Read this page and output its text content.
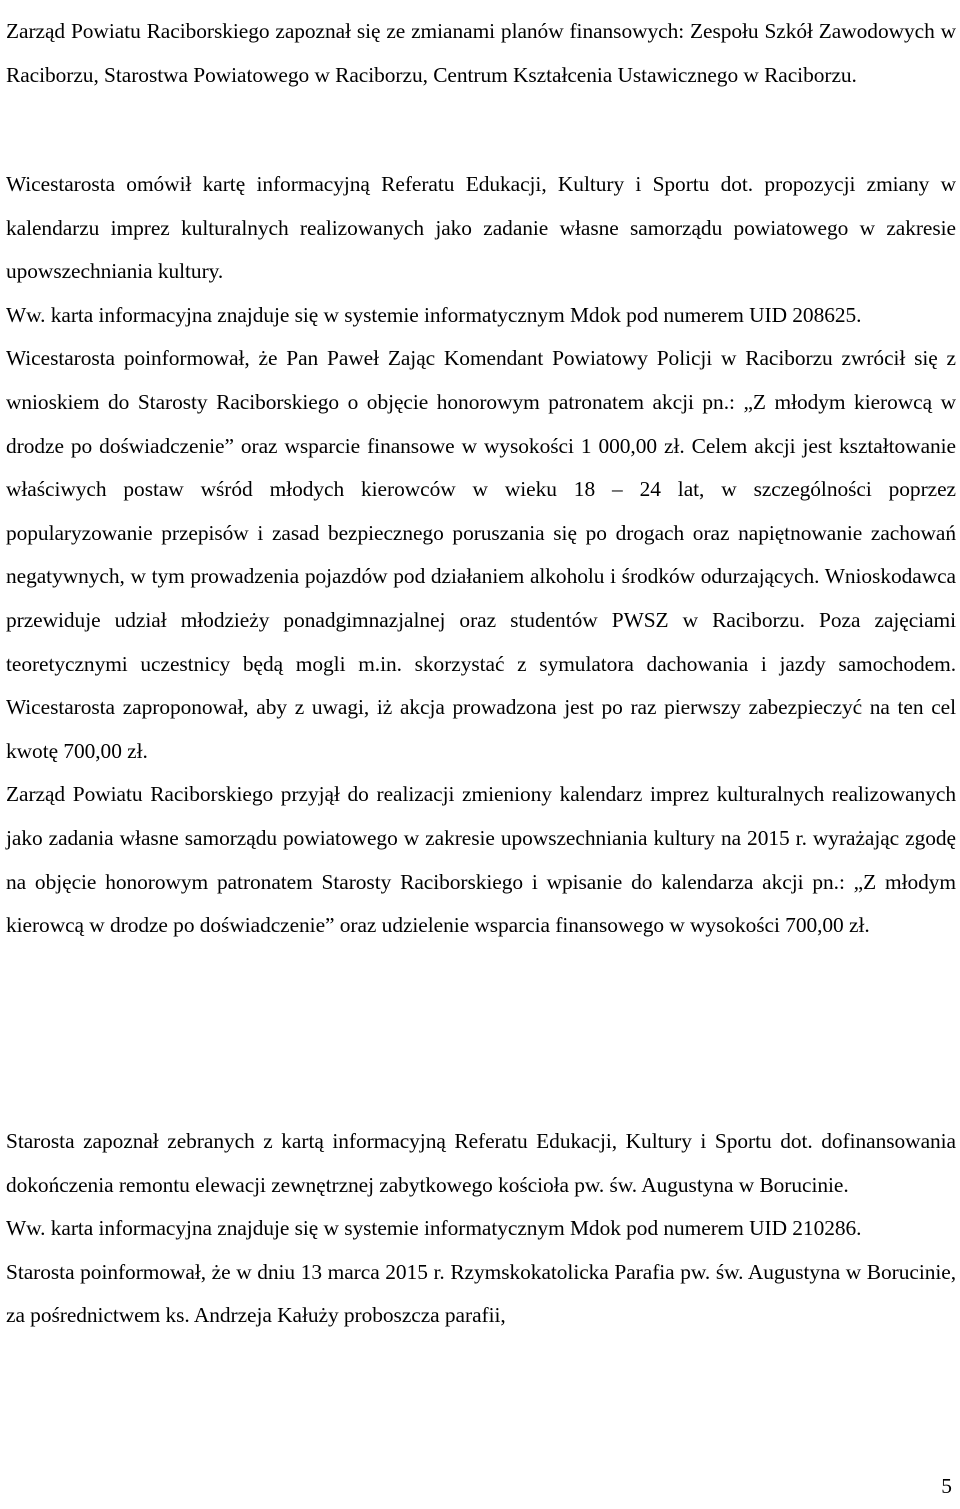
Zarząd Powiatu Raciborskiego zapoznał się ze zmianami planów finansowych: Zespołu Szkół Zawodowych w Raciborzu, Starostwa Powiatowego w Raciborzu, Centrum Kształcenia Ustawicznego w Raciborzu.

Wicestarosta omówił kartę informacyjną Referatu Edukacji, Kultury i Sportu dot. propozycji zmiany w kalendarzu imprez kulturalnych realizowanych jako zadanie własne samorządu powiatowego w zakresie upowszechniania kultury.

Ww. karta informacyjna znajduje się w systemie informatycznym Mdok pod numerem UID 208625.

Wicestarosta poinformował, że Pan Paweł Zając Komendant Powiatowy Policji w Raciborzu zwrócił się z wnioskiem do Starosty Raciborskiego o objęcie honorowym patronatem akcji pn.: „Z młodym kierowcą w drodze po doświadczenie” oraz wsparcie finansowe w wysokości 1 000,00 zł. Celem akcji jest kształtowanie właściwych postaw wśród młodych kierowców w wieku 18 – 24 lat, w szczególności poprzez popularyzowanie przepisów i zasad bezpiecznego poruszania się po drogach oraz napiętnowanie zachowań negatywnych, w tym prowadzenia pojazdów pod działaniem alkoholu i środków odurzających. Wnioskodawca przewiduje udział młodzieży ponadgimnazjalnej oraz studentów PWSZ w Raciborzu. Poza zajęciami teoretycznymi uczestnicy będą mogli m.in. skorzystać z symulatora dachowania i jazdy samochodem. Wicestarosta zaproponował, aby z uwagi, iż akcja prowadzona jest po raz pierwszy zabezpieczyć na ten cel kwotę 700,00 zł.

Zarząd Powiatu Raciborskiego przyjął do realizacji zmieniony kalendarz imprez kulturalnych realizowanych jako zadania własne samorządu powiatowego w zakresie upowszechniania kultury na 2015 r. wyrażając zgodę na objęcie honorowym patronatem Starosty Raciborskiego i wpisanie do kalendarza akcji pn.: „Z młodym kierowcą w drodze po doświadczenie” oraz udzielenie wsparcia finansowego w wysokości 700,00 zł.

Starosta zapoznał zebranych z kartą informacyjną Referatu Edukacji, Kultury i Sportu dot. dofinansowania dokończenia remontu elewacji zewnętrznej zabytkowego kościoła pw. św. Augustyna w Borucinie.

Ww. karta informacyjna znajduje się w systemie informatycznym Mdok pod numerem UID 210286.

Starosta poinformował, że w dniu 13 marca 2015 r. Rzymskokatolicka Parafia pw. św. Augustyna w Borucinie, za pośrednictwem ks. Andrzeja Kałuży proboszcza parafii,

5
